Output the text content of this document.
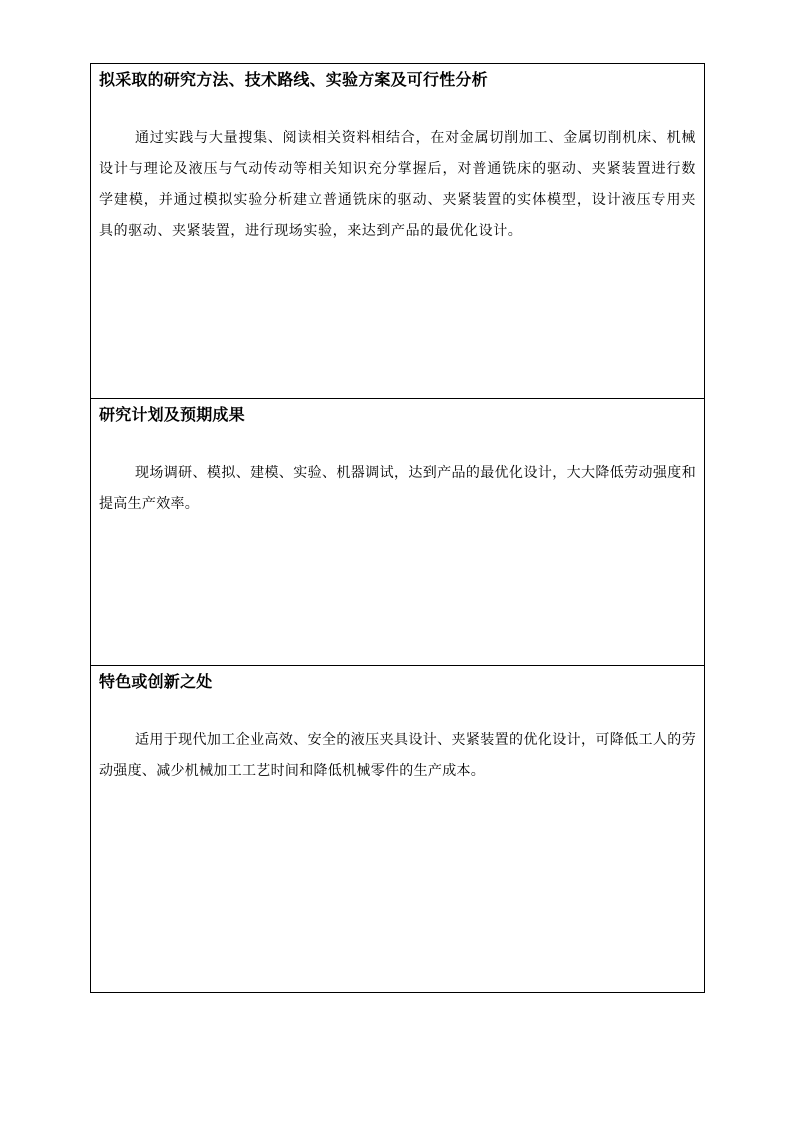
拟采取的研究方法、技术路线、实验方案及可行性分析

通过实践与大量搜集、阅读相关资料相结合，在对金属切削加工、金属切削机床、机械设计与理论及液压与气动传动等相关知识充分掌握后，对普通铣床的驱动、夹紧装置进行数学建模，并通过模拟实验分析建立普通铣床的驱动、夹紧装置的实体模型，设计液压专用夹具的驱动、夹紧装置，进行现场实验，来达到产品的最优化设计。

研究计划及预期成果

现场调研、模拟、建模、实验、机器调试，达到产品的最优化设计，大大降低劳动强度和提高生产效率。

特色或创新之处

适用于现代加工企业高效、安全的液压夹具设计、夹紧装置的优化设计，可降低工人的劳动强度、减少机械加工工艺时间和降低机械零件的生产成本。
